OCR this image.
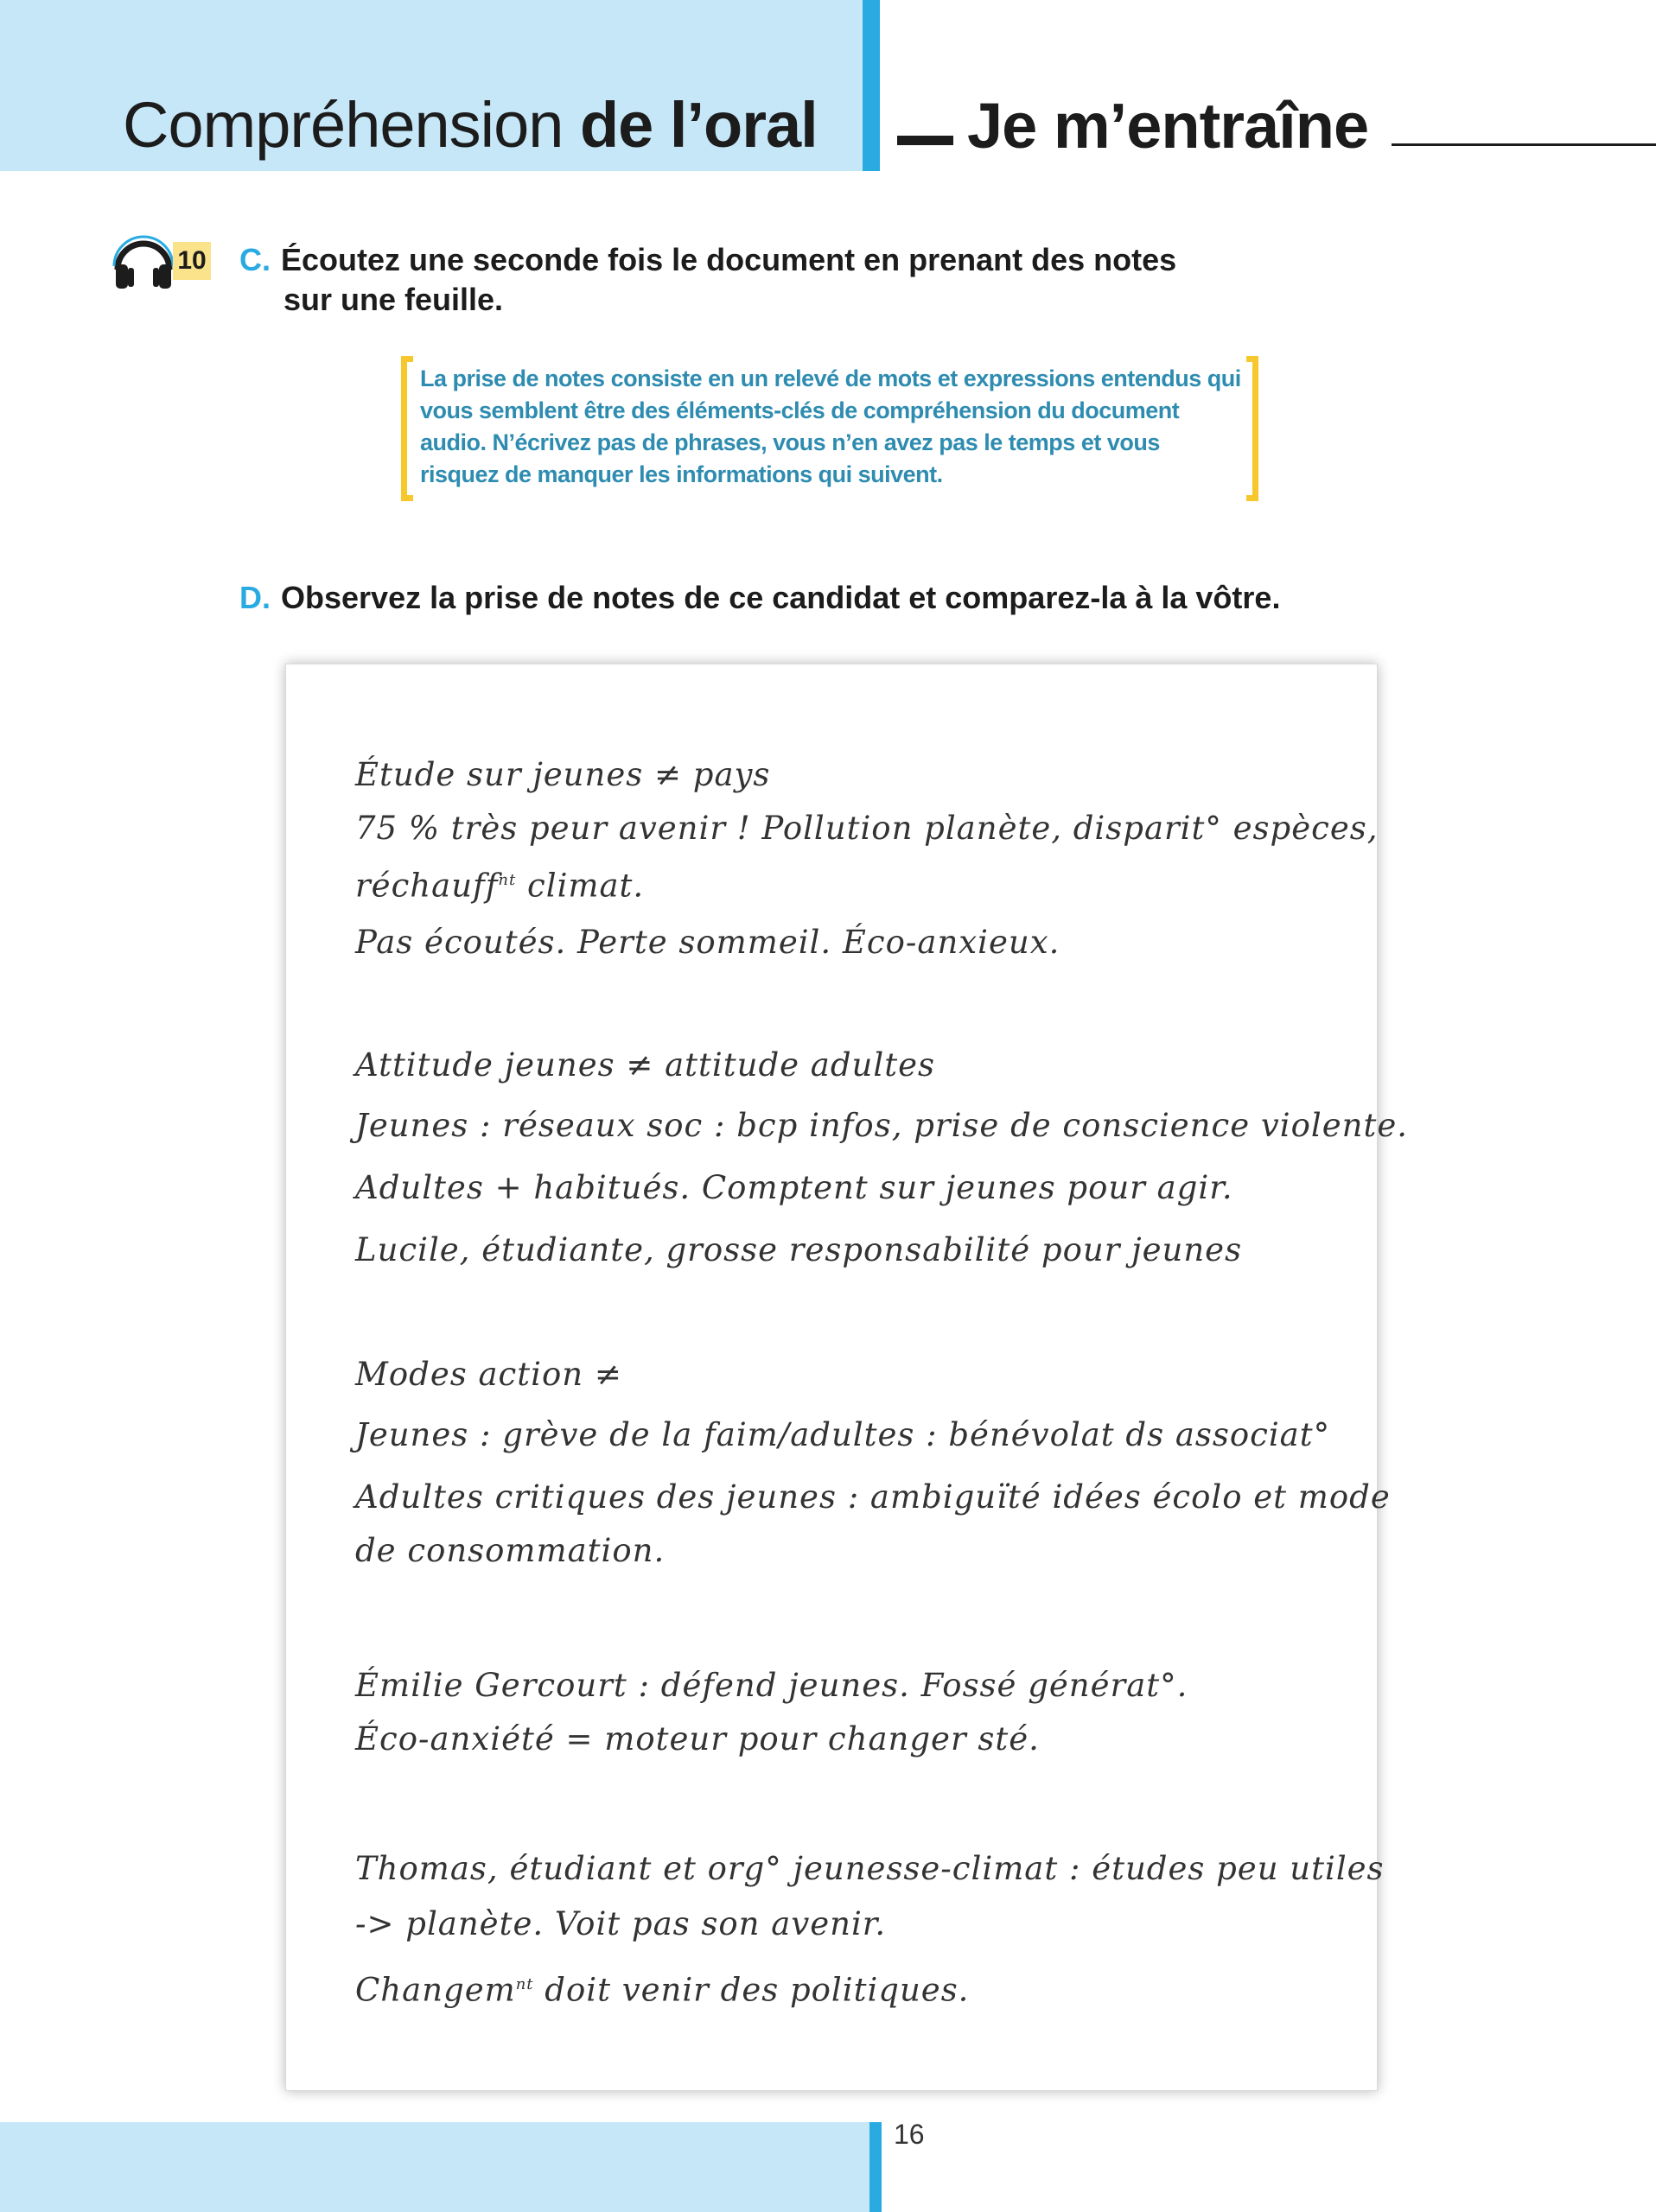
Compréhension de l’oral Je m’entraîne
10 C. Écoutez une seconde fois le document en prenant des notes
sur une feuille.
La prise de notes consiste en un relevé de mots et expressions entendus qui vous semblent être des éléments-clés de compréhension du document audio. N’écrivez pas de phrases, vous n’en avez pas le temps et vous risquez de manquer les informations qui suivent.
D. Observez la prise de notes de ce candidat et comparez-la à la vôtre.
Étude sur jeunes ≠ pays
75 % très peur avenir ! Pollution planète, disparit° espèces,
réchauff$^{nt}$ climat.
Pas écoutés. Perte sommeil. Éco-anxieux.
Attitude jeunes ≠ attitude adultes
Jeunes : réseaux soc : bcp infos, prise de conscience violente.
Adultes + habitués. Comptent sur jeunes pour agir.
Lucile, étudiante, grosse responsabilité pour jeunes
Modes action ≠
Jeunes : grève de la faim/adultes : bénévolat ds associat°
Adultes critiques des jeunes : ambiguïté idées écolo et mode
de consommation.
Émilie Gercourt : défend jeunes. Fossé générat°.
Éco-anxiété = moteur pour changer sté.
Thomas, étudiant et org° jeunesse-climat : études peu utiles
-> planète. Voit pas son avenir.
Changem$^{nt}$ doit venir des politiques.
16
